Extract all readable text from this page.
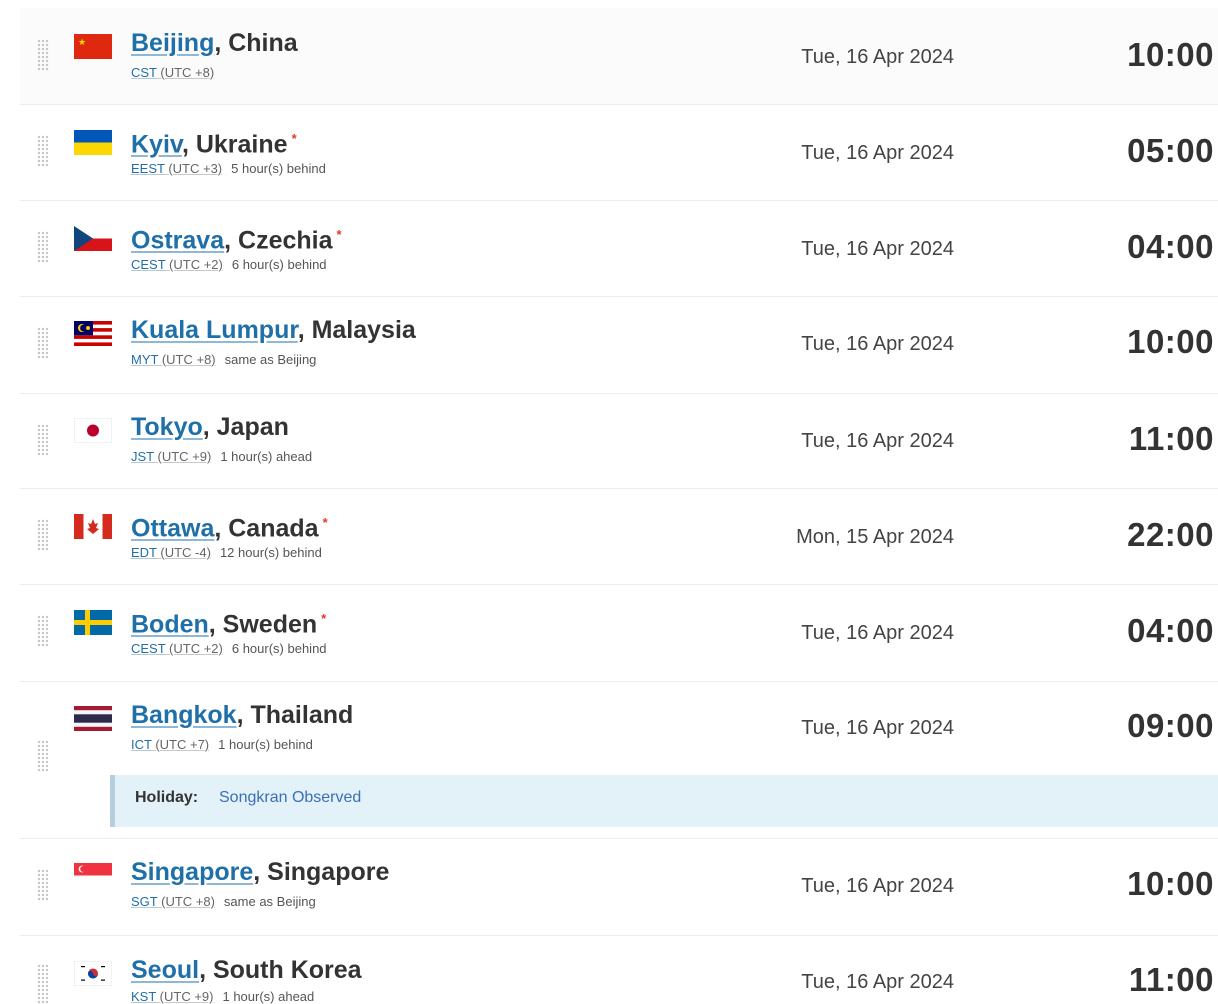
★ Beijing, China
CST (UTC +8)
Tue, 16 Apr 2024	10:00
Kyiv, Ukraine *
EEST (UTC +3) 5 hour(s) behind
Tue, 16 Apr 2024	05:00
Ostrava, Czechia *
CEST (UTC +2) 6 hour(s) behind
Tue, 16 Apr 2024	04:00
Kuala Lumpur, Malaysia
MYT (UTC +8) same as Beijing
Tue, 16 Apr 2024	10:00
Tokyo, Japan
JST (UTC +9) 1 hour(s) ahead
Tue, 16 Apr 2024	11:00
Ottawa, Canada *
EDT (UTC -4) 12 hour(s) behind
Mon, 15 Apr 2024	22:00
Boden, Sweden *
CEST (UTC +2) 6 hour(s) behind
Tue, 16 Apr 2024	04:00
Bangkok, Thailand
ICT (UTC +7) 1 hour(s) behind
Tue, 16 Apr 2024	09:00
Holiday: Songkran Observed
Singapore, Singapore
SGT (UTC +8) same as Beijing
Tue, 16 Apr 2024	10:00
Seoul, South Korea
KST (UTC +9) 1 hour(s) ahead
Tue, 16 Apr 2024	11:00
